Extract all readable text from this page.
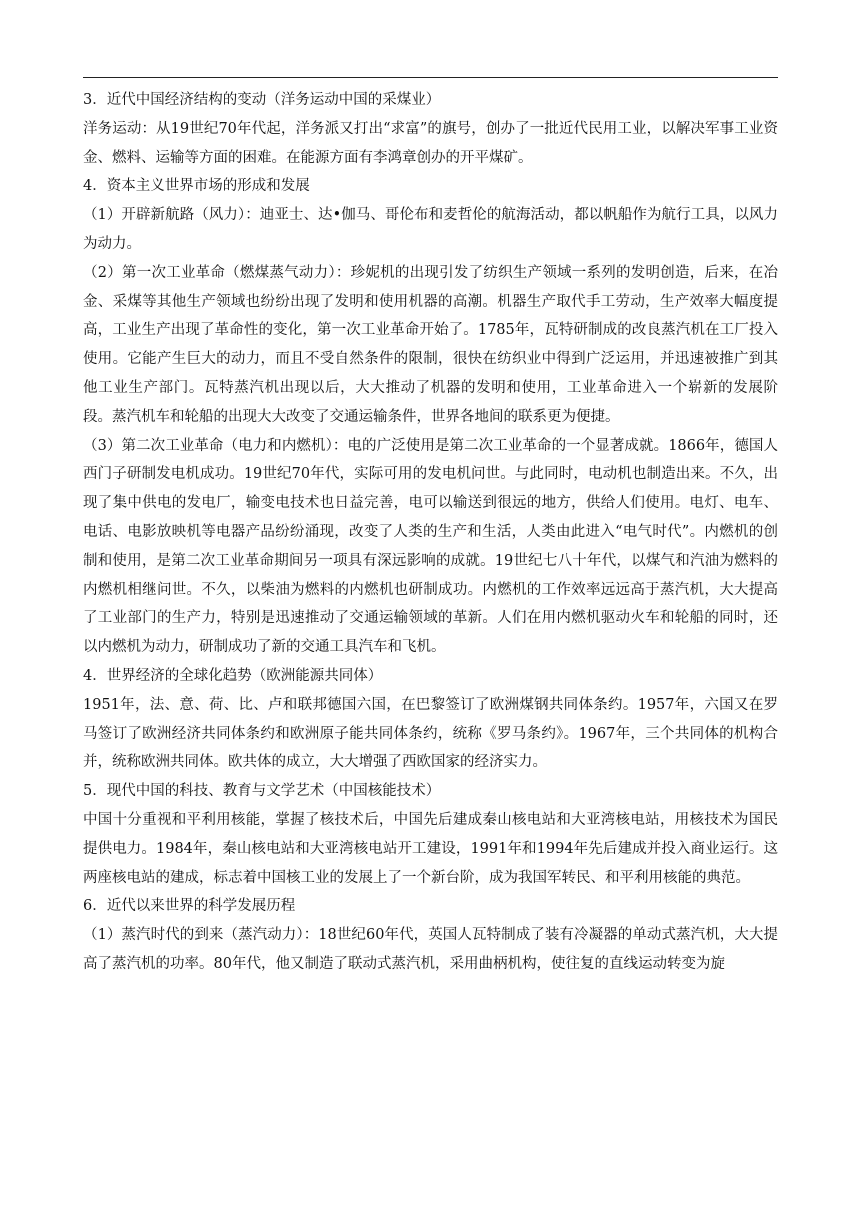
3．近代中国经济结构的变动（洋务运动中国的采煤业）

洋务运动：从19世纪70年代起，洋务派又打出“求富”的旗号，创办了一批近代民用工业，以解决军事工业资金、燃料、运输等方面的困难。在能源方面有李鸿章创办的开平煤矿。

4．资本主义世界市场的形成和发展

（1）开辟新航路（风力）：迪亚士、达•伽马、哥伦布和麦哲伦的航海活动，都以帆船作为航行工具，以风力为动力。

（2）第一次工业革命（燃煤蒸气动力）：珍妮机的出现引发了纺织生产领域一系列的发明创造，后来，在冶金、采煤等其他生产领域也纷纷出现了发明和使用机器的高潮。机器生产取代手工劳动，生产效率大幅度提高，工业生产出现了革命性的变化，第一次工业革命开始了。1785年，瓦特研制成的改良蒸汽机在工厂投入使用。它能产生巨大的动力，而且不受自然条件的限制，很快在纺织业中得到广泛运用，并迅速被推广到其他工业生产部门。瓦特蒸汽机出现以后，大大推动了机器的发明和使用，工业革命进入一个崭新的发展阶段。蒸汽机车和轮船的出现大大改变了交通运输条件，世界各地间的联系更为便捷。

（3）第二次工业革命（电力和内燃机）：电的广泛使用是第二次工业革命的一个显著成就。1866年，德国人西门子研制发电机成功。19世纪70年代，实际可用的发电机问世。与此同时，电动机也制造出来。不久，出现了集中供电的发电厂，输变电技术也日益完善，电可以输送到很远的地方，供给人们使用。电灯、电车、电话、电影放映机等电器产品纷纷涌现，改变了人类的生产和生活，人类由此进入“电气时代”。内燃机的创制和使用，是第二次工业革命期间另一项具有深远影响的成就。19世纪七八十年代，以煤气和汽油为燃料的内燃机相继问世。不久，以柴油为燃料的内燃机也研制成功。内燃机的工作效率远远高于蒸汽机，大大提高了工业部门的生产力，特别是迅速推动了交通运输领域的革新。人们在用内燃机驱动火车和轮船的同时，还以内燃机为动力，研制成功了新的交通工具汽车和飞机。

4．世界经济的全球化趋势（欧洲能源共同体）

1951年，法、意、荷、比、卢和联邦德国六国，在巴黎签订了欧洲煤钢共同体条约。1957年，六国又在罗马签订了欧洲经济共同体条约和欧洲原子能共同体条约，统称《罗马条约》。1967年，三个共同体的机构合并，统称欧洲共同体。欧共体的成立，大大增强了西欧国家的经济实力。

5．现代中国的科技、教育与文学艺术（中国核能技术）

中国十分重视和平利用核能，掌握了核技术后，中国先后建成秦山核电站和大亚湾核电站，用核技术为国民提供电力。1984年，秦山核电站和大亚湾核电站开工建设，1991年和1994年先后建成并投入商业运行。这两座核电站的建成，标志着中国核工业的发展上了一个新台阶，成为我国军转民、和平利用核能的典范。

6．近代以来世界的科学发展历程

（1）蒸汽时代的到来（蒸汽动力）：18世纪60年代，英国人瓦特制成了装有冷凝器的单动式蒸汽机，大大提高了蒸汽机的功率。80年代，他又制造了联动式蒸汽机，采用曲柄机构，使往复的直线运动转变为旋
